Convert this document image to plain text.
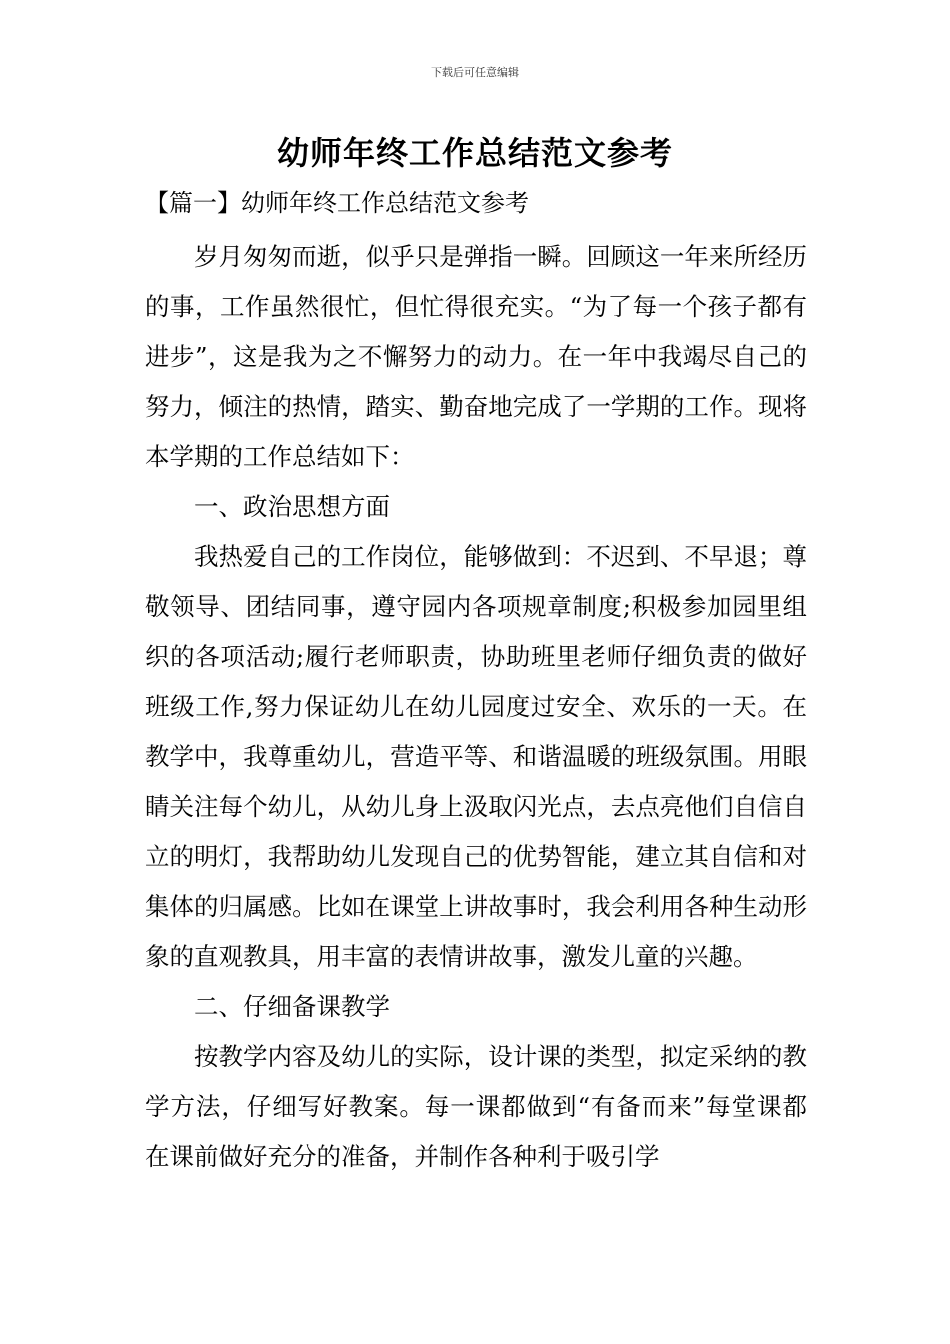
下载后可任意编辑
幼师年终工作总结范文参考
【篇一】幼师年终工作总结范文参考

岁月匆匆而逝，似乎只是弹指一瞬。回顾这一年来所经历的事，工作虽然很忙，但忙得很充实。“为了每一个孩子都有进步”，这是我为之不懈努力的动力。在一年中我竭尽自己的努力，倾注的热情，踏实、勤奋地完成了一学期的工作。现将本学期的工作总结如下：

一、政治思想方面

我热爱自己的工作岗位，能够做到：不迟到、不早退；尊敬领导、团结同事，遵守园内各项规章制度;积极参加园里组织的各项活动;履行老师职责，协助班里老师仔细负责的做好班级工作,努力保证幼儿在幼儿园度过安全、欢乐的一天。在教学中，我尊重幼儿，营造平等、和谐温暖的班级氛围。用眼睛关注每个幼儿，从幼儿身上汲取闪光点，去点亮他们自信自立的明灯，我帮助幼儿发现自己的优势智能，建立其自信和对集体的归属感。比如在课堂上讲故事时，我会利用各种生动形象的直观教具，用丰富的表情讲故事，激发儿童的兴趣。

二、仔细备课教学

按教学内容及幼儿的实际，设计课的类型，拟定采纳的教学方法，仔细写好教案。每一课都做到“有备而来”每堂课都在课前做好充分的准备，并制作各种利于吸引学
